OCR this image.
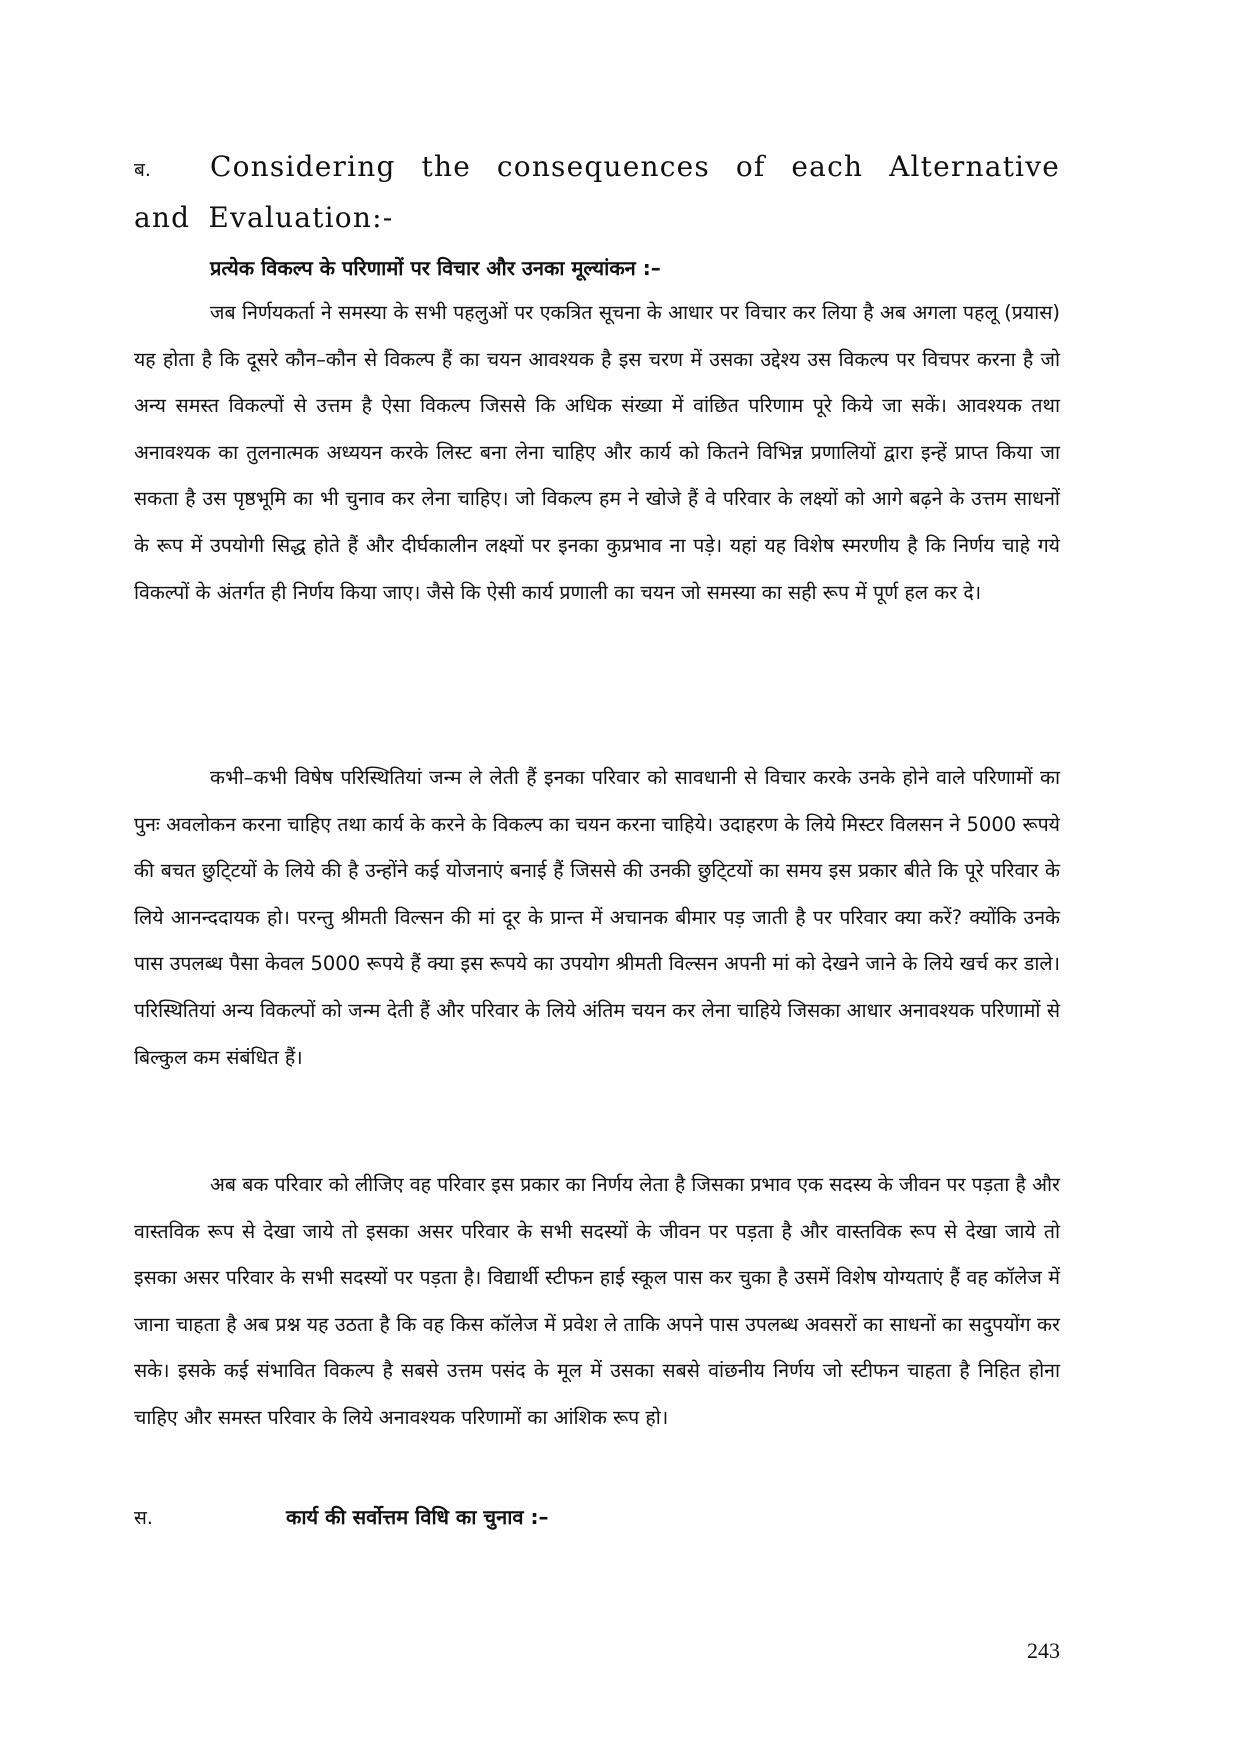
ब. Considering the consequences of each Alternative and Evaluation:-
प्रत्येक विकल्प के परिणामों पर विचार और उनका मूल्यांकन :–

जब निर्णयकर्ता ने समस्या के सभी पहलुओं पर एकत्रित सूचना के आधार पर विचार कर लिया है अब अगला पहलू (प्रयास) यह होता है कि दूसरे कौन–कौन से विकल्प हैं का चयन आवश्यक है इस चरण में उसका उद्देश्य उस विकल्प पर विचपर करना है जो अन्य समस्त विकल्पों से उत्तम है ऐसा विकल्प जिससे कि अधिक संख्या में वांछित परिणाम पूरे किये जा सकें। आवश्यक तथा अनावश्यक का तुलनात्मक अध्ययन करके लिस्ट बना लेना चाहिए और कार्य को कितने विभिन्न प्रणालियों द्वारा इन्हें प्राप्त किया जा सकता है उस पृष्ठभूमि का भी चुनाव कर लेना चाहिए। जो विकल्प हम ने खोजे हैं वे परिवार के लक्ष्यों को आगे बढ़ने के उत्तम साधनों के रूप में उपयोगी सिद्ध होते हैं और दीर्घकालीन लक्ष्यों पर इनका कुप्रभाव ना पड़े। यहां यह विशेष स्मरणीय है कि निर्णय चाहे गये विकल्पों के अंतर्गत ही निर्णय किया जाए। जैसे कि ऐसी कार्य प्रणाली का चयन जो समस्या का सही रूप में पूर्ण हल कर दे।

कभी–कभी विषेष परिस्थितियां जन्म ले लेती हैं इनका परिवार को सावधानी से विचार करके उनके होने वाले परिणामों का पुनः अवलोकन करना चाहिए तथा कार्य के करने के विकल्प का चयन करना चाहिये। उदाहरण के लिये मिस्टर विलसन ने 5000 रूपये की बचत छुटि्टयों के लिये की है उन्होंने कई योजनाएं बनाई हैं जिससे की उनकी छुटि्टयों का समय इस प्रकार बीते कि पूरे परिवार के लिये आनन्ददायक हो। परन्तु श्रीमती विल्सन की मां दूर के प्रान्त में अचानक बीमार पड़ जाती है पर परिवार क्या करें? क्योंकि उनके पास उपलब्ध पैसा केवल 5000 रूपये हैं क्या इस रूपये का उपयोग श्रीमती विल्सन अपनी मां को देखने जाने के लिये खर्च कर डाले। परिस्थितियां अन्य विकल्पों को जन्म देती हैं और परिवार के लिये अंतिम चयन कर लेना चाहिये जिसका आधार अनावश्यक परिणामों से बिल्कुल कम संबंधित हैं।

अब बक परिवार को लीजिए वह परिवार इस प्रकार का निर्णय लेता है जिसका प्रभाव एक सदस्य के जीवन पर पड़ता है और वास्तविक रूप से देखा जाये तो इसका असर परिवार के सभी सदस्यों के जीवन पर पड़ता है और वास्तविक रूप से देखा जाये तो इसका असर परिवार के सभी सदस्यों पर पड़ता है। विद्यार्थी स्टीफन हाई स्कूल पास कर चुका है उसमें विशेष योग्यताएं हैं वह कॉलेज में जाना चाहता है अब प्रश्न यह उठता है कि वह किस कॉलेज में प्रवेश ले ताकि अपने पास उपलब्ध अवसरों का साधनों का सदुपयोंग कर सके। इसके कई संभावित विकल्प है सबसे उत्तम पसंद के मूल में उसका सबसे वांछनीय निर्णय जो स्टीफन चाहता है निहित होना चाहिए और समस्त परिवार के लिये अनावश्यक परिणामों का आंशिक रूप हो।

स.	कार्य की सर्वोत्तम विधि का चुनाव :–
243
